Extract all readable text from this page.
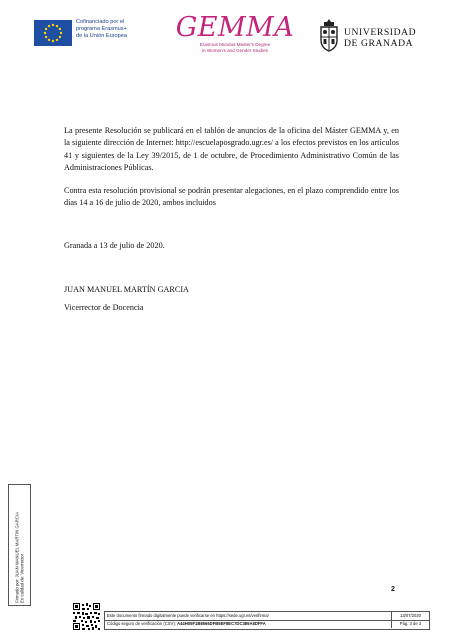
Cofinanciado por el
programa Erasmus+
de la Unión Europea	GEMMA
Erasmus Mundus Master's Degree
in Women's and Gender Studies
UNIVERSIDAD
DE GRANADA

La presente Resolución se publicará en el tablón de anuncios de la oficina del Máster GEMMA y, en la siguiente dirección de Internet: http://escuelaposgrado.ugr.es/ a los efectos previstos en los artículos 41 y siguientes de la Ley 39/2015, de 1 de octubre, de Procedimiento Administrativo Común de las Administraciones Públicas.

Contra esta resolución provisional se podrán presentar alegaciones, en el plazo comprendido entre los días 14 a 16 de julio de 2020, ambos incluidos

Granada a 13 de julio de 2020.

JUAN MANUEL MARTÍN GARCIA
Vicerrector de Docencia
2
Firmado por: JUAN MANUEL MARTIN GARCIA En calidad de: Vicerrector
Este documento firmado digitalmente puede verificarse en https://sede.ugr.es/verifirma/	13/07/2020
Código seguro de verificación (CSV): A44H05F1B8566DFB5EF8EC7DC389A8DFFA	Pág. 3 de 3
